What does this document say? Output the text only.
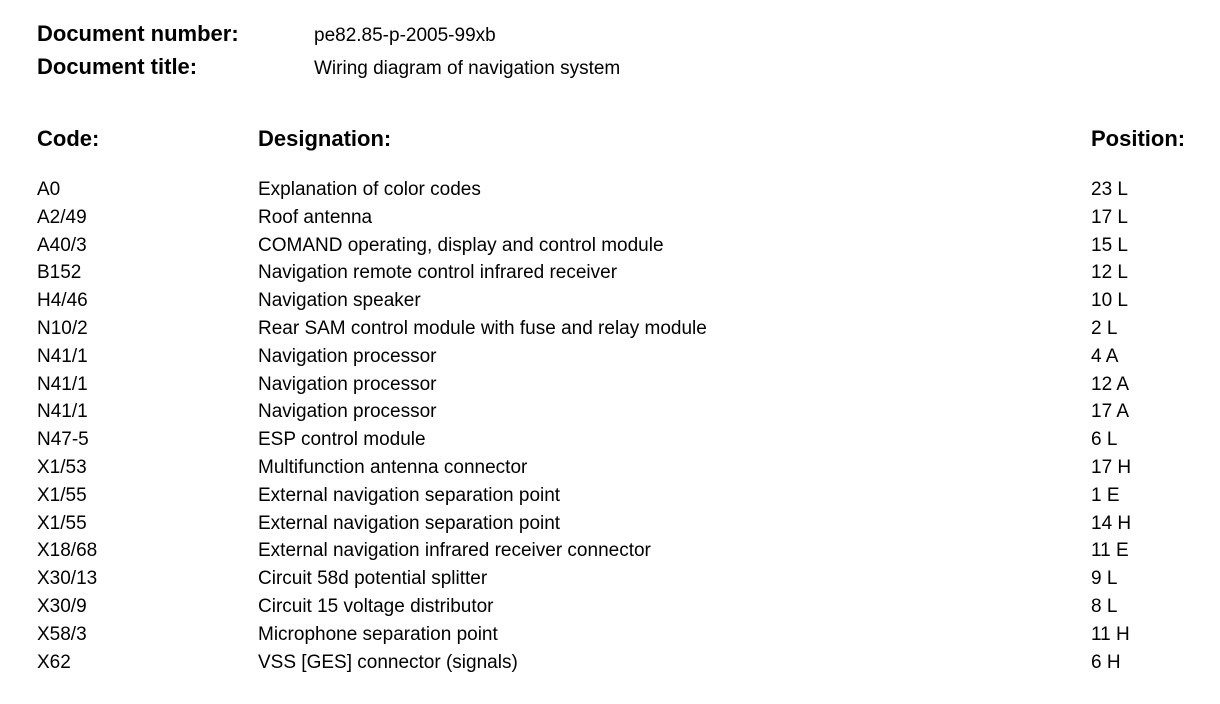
Document number:	pe82.85-p-2005-99xb
Document title:	Wiring diagram of navigation system
Code:	Designation:	Position:
A0	Explanation of color codes	23 L
A2/49	Roof antenna	17 L
A40/3	COMAND operating, display and control module	15 L
B152	Navigation remote control infrared receiver	12 L
H4/46	Navigation speaker	10 L
N10/2	Rear SAM control module with fuse and relay module	2 L
N41/1	Navigation processor	4 A
N41/1	Navigation processor	12 A
N41/1	Navigation processor	17 A
N47-5	ESP control module	6 L
X1/53	Multifunction antenna connector	17 H
X1/55	External navigation separation point	1 E
X1/55	External navigation separation point	14 H
X18/68	External navigation infrared receiver connector	11 E
X30/13	Circuit 58d potential splitter	9 L
X30/9	Circuit 15 voltage distributor	8 L
X58/3	Microphone separation point	11 H
X62	VSS [GES] connector (signals)	6 H
